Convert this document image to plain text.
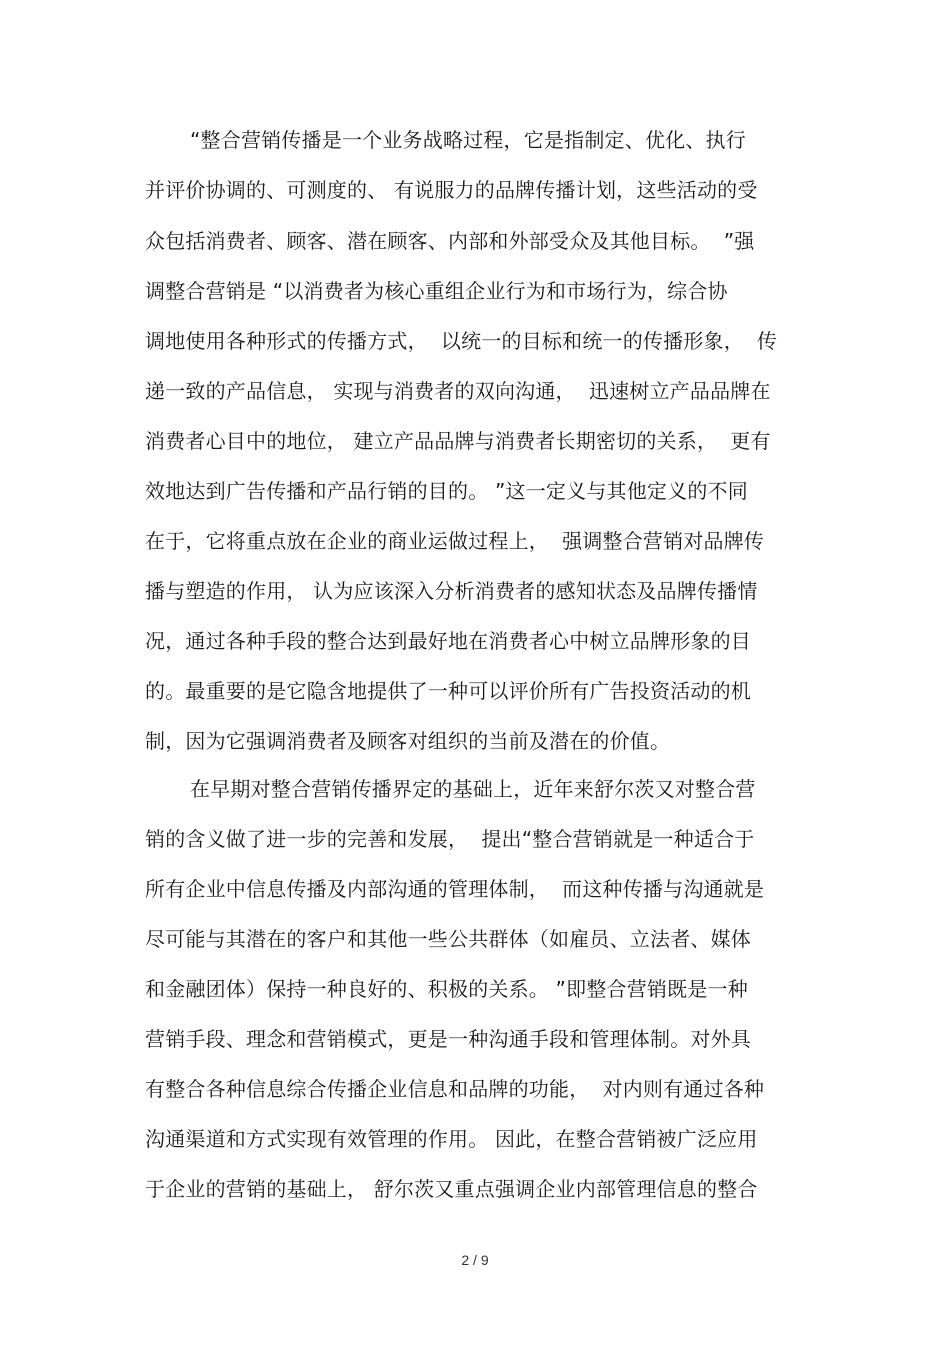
“整合营销传播是一个业务战略过程，它是指制定、优化、执行
并评价协调的、可测度的、 有说服力的品牌传播计划，这些活动的受
众包括消费者、顾客、潜在顾客、内部和外部受众及其他目标。  ”强
调整合营销是 “以消费者为核心重组企业行为和市场行为，综合协
调地使用各种形式的传播方式，  以统一的目标和统一的传播形象，  传
递一致的产品信息， 实现与消费者的双向沟通，  迅速树立产品品牌在
消费者心目中的地位， 建立产品品牌与消费者长期密切的关系，  更有
效地达到广告传播和产品行销的目的。 ”这一定义与其他定义的不同
在于，它将重点放在企业的商业运做过程上，  强调整合营销对品牌传
播与塑造的作用， 认为应该深入分析消费者的感知状态及品牌传播情
况，通过各种手段的整合达到最好地在消费者心中树立品牌形象的目
的。最重要的是它隐含地提供了一种可以评价所有广告投资活动的机
制，因为它强调消费者及顾客对组织的当前及潜在的价值。
在早期对整合营销传播界定的基础上，近年来舒尔茨又对整合营
销的含义做了进一步的完善和发展，  提出“整合营销就是一种适合于
所有企业中信息传播及内部沟通的管理体制，  而这种传播与沟通就是
尽可能与其潜在的客户和其他一些公共群体（如雇员、立法者、媒体
和金融团体）保持一种良好的、积极的关系。 ”即整合营销既是一种
营销手段、理念和营销模式，更是一种沟通手段和管理体制。对外具
有整合各种信息综合传播企业信息和品牌的功能，  对内则有通过各种
沟通渠道和方式实现有效管理的作用。 因此，在整合营销被广泛应用
于企业的营销的基础上， 舒尔茨又重点强调企业内部管理信息的整合
2 / 9
